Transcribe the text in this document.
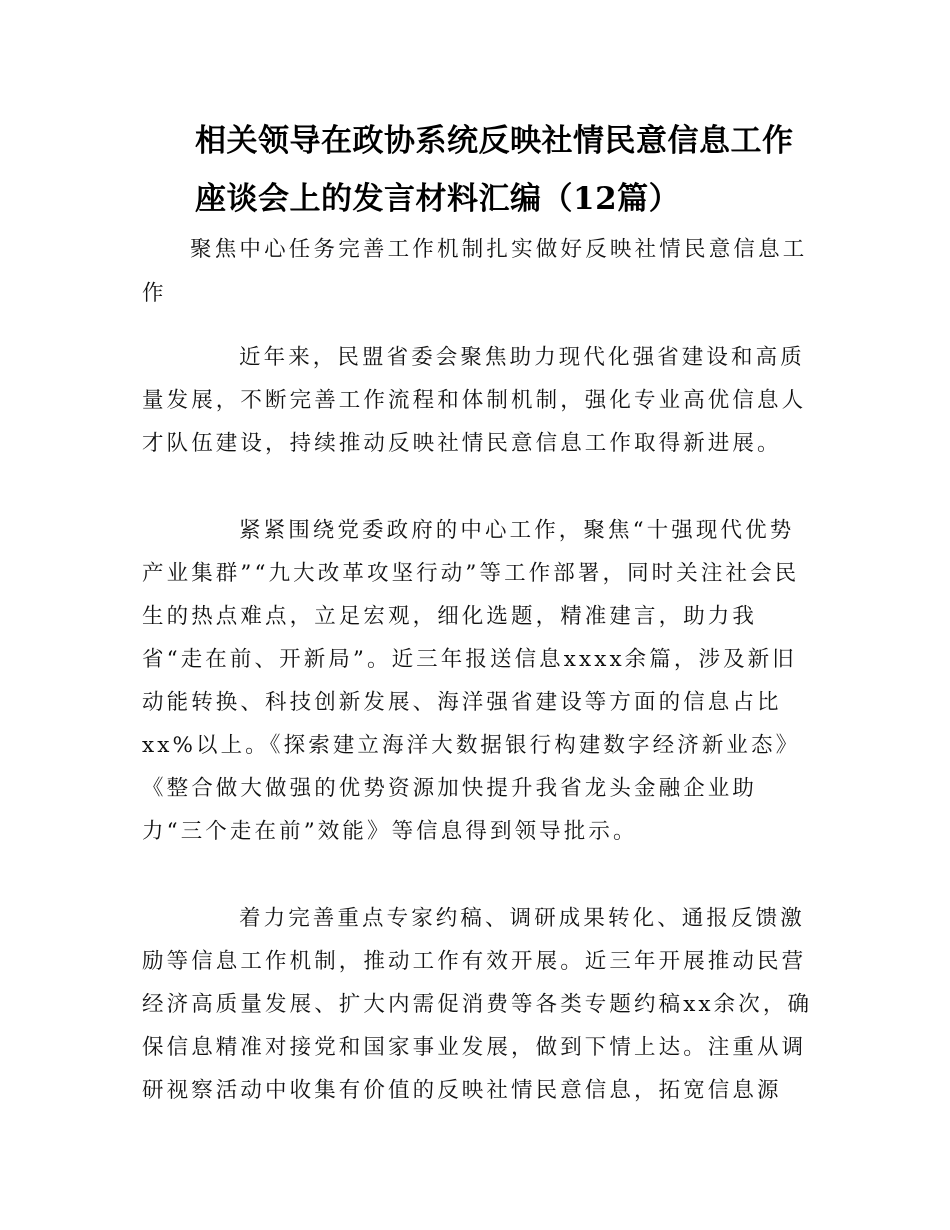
相关领导在政协系统反映社情民意信息工作座谈会上的发言材料汇编（12篇）

聚焦中心任务完善工作机制扎实做好反映社情民意信息工作

近年来，民盟省委会聚焦助力现代化强省建设和高质量发展，不断完善工作流程和体制机制，强化专业高优信息人才队伍建设，持续推动反映社情民意信息工作取得新进展。

紧紧围绕党委政府的中心工作，聚焦“十强现代优势产业集群”“九大改革攻坚行动”等工作部署，同时关注社会民生的热点难点，立足宏观，细化选题，精准建言，助力我省“走在前、开新局”。近三年报送信息xxxx余篇，涉及新旧动能转换、科技创新发展、海洋强省建设等方面的信息占比xx%以上。《探索建立海洋大数据银行构建数字经济新业态》《整合做大做强的优势资源加快提升我省龙头金融企业助力“三个走在前”效能》等信息得到领导批示。

着力完善重点专家约稿、调研成果转化、通报反馈激励等信息工作机制，推动工作有效开展。近三年开展推动民营经济高质量发展、扩大内需促消费等各类专题约稿xx余次，确保信息精准对接党和国家事业发展，做到下情上达。注重从调研视察活动中收集有价值的反映社情民意信息，拓宽信息源
